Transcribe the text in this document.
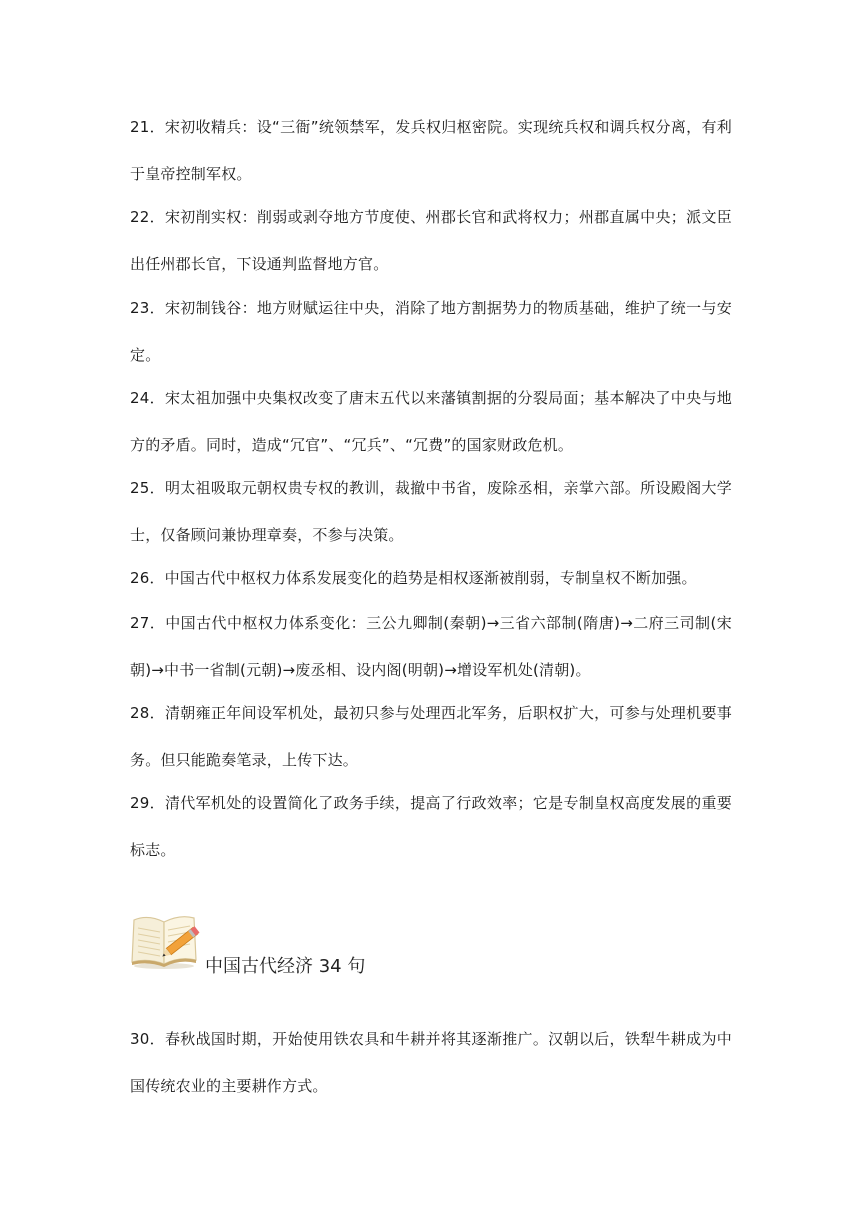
21．宋初收精兵：设“三衙”统领禁军，发兵权归枢密院。实现统兵权和调兵权分离，有利于皇帝控制军权。

22．宋初削实权：削弱或剥夺地方节度使、州郡长官和武将权力；州郡直属中央；派文臣出任州郡长官，下设通判监督地方官。

23．宋初制钱谷：地方财赋运往中央，消除了地方割据势力的物质基础，维护了统一与安定。

24．宋太祖加强中央集权改变了唐末五代以来藩镇割据的分裂局面；基本解决了中央与地方的矛盾。同时，造成“冗官”、“冗兵”、“冗费”的国家财政危机。

25．明太祖吸取元朝权贵专权的教训，裁撤中书省，废除丞相，亲掌六部。所设殿阁大学士，仅备顾问兼协理章奏，不参与决策。

26．中国古代中枢权力体系发展变化的趋势是相权逐渐被削弱，专制皇权不断加强。

27．中国古代中枢权力体系变化：三公九卿制(秦朝)→三省六部制(隋唐)→二府三司制(宋朝)→中书一省制(元朝)→废丞相、设内阁(明朝)→增设军机处(清朝)。

28．清朝雍正年间设军机处，最初只参与处理西北军务，后职权扩大，可参与处理机要事务。但只能跪奏笔录，上传下达。

29．清代军机处的设置简化了政务手续，提高了行政效率；它是专制皇权高度发展的重要标志。

中国古代经济 34 句

30．春秋战国时期，开始使用铁农具和牛耕并将其逐渐推广。汉朝以后，铁犁牛耕成为中国传统农业的主要耕作方式。
